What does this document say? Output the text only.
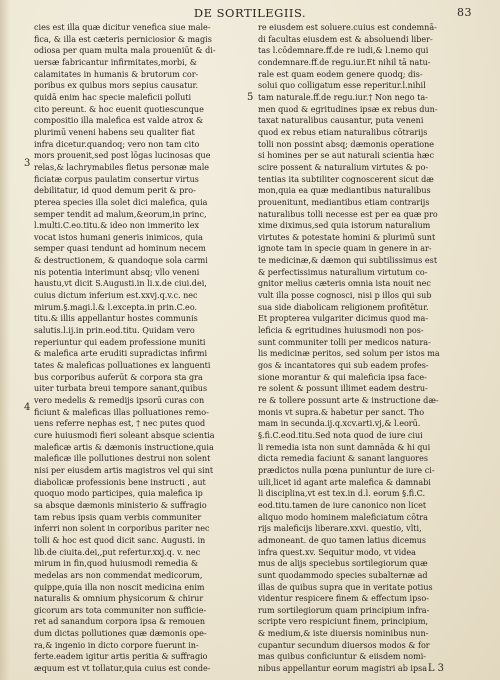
DE SORTILEGIIS.	83
cies est illa quæ dicitur venefica siue male-
fica, & illa est cæteris perniciosior & magis
odiosa per quam multa mala proueniūt & di-
uersæ fabricantur infirmitates,morbi, &
calamitates in humanis & brutorum cor-
poribus ex quibus mors sepius causatur.
quidā enim hac specie maleficii polluti
cito pereunt. & hoc euenit quotiescunque
compositio illa malefica est valde atrox &
plurimū veneni habens seu qualiter fiat
infra dicetur.quandoq; vero non tam cito
mors prouenit,sed post lōgas lucinosas que
relas,& lachrymabiles fletus personæ male
ficiatæ corpus paulatim consertur virtus
debilitatur, id quod demum perit & pro-
pterea species illa solet dici malefica, quia
semper tendit ad malum,&eorum,in princ,
l.multi.C.eo.titu.& ideo non immerito lex
vocat istos humani generis inimicos, quia
semper quasi tendunt ad hominum necem
& destructionem, & quandoque sola carmi
nis potentia interimunt absq; vllo veneni
haustu,vt dicit S.Augusti.in li.x.de ciui.dei,
cuius dictum inferium est.xxvj.q.v.c. nec
mirum.§.magi.l.& l.excepta.in prin.C.eo.
titu.& illis appellantur hostes communis
salutis.l.ij.in prin.eod.titu. Quidam vero
reperiuntur qui eadem professione muniti
& malefica arte eruditi supradictas infirmi
tates & maleficas polluationes ex languenti
bus corporibus auferūt & corpora sta gra
uiter turbata breui tempore sanant,quibus
vero medelis & remedijs ipsorū curas con
ficiunt & maleficas illas polluationes remo-
uens referre nephas est, † nec putes quod
cure huiusmodi fieri soleant absque scientia
maleficæ artis & dæmonis instructione,quia
maleficæ ille pollutiones destrui non solent
nisi per eiusdem artis magistros vel qui sint
diabolicæ professionis bene instructi , aut
quoquo modo participes, quia malefica ip
sa absque dæmonis ministerio & suffragio
tam rebus ipsis quam verbis communiter
inferri non solent in corporibus pariter nec
tolli & hoc est quod dicit sanc. Augusti. in
lib.de ciuita.dei,,put refertur.xxj.q. v. nec
mirum in fin,quod huiusmodi remedia &
medelas ars non commendat medicorum,
quippe,quia illa non noscit medicina enim
naturalis & omnium physicorum & chirur
gicorum ars tota communiter non sufficie-
ret ad sanandum corpora ipsa & remouen
dum dictas pollutiones quæ dæmonis ope-
ra,& ingenio in dicto corpore fuerunt in-
ferte.eadem igitur artis peritia & suffragio
æquum est vt tollatur,quia cuius est conde-
re eiusdem est soluere.cuius est condemnā-
di facultas eiusdem est & absoluendi liber-
tas l.cōdemnare.ff.de re iudi,& l.nemo qui
condemnare.ff.de regu.iur.Et nihil tā natu-
rale est quam eodem genere quodq; dis-
solui quo colligatum esse reperitur.l.nihil
tam naturale.ff.de regu.iur.† Non nego ta-
men quod & egritudines ipsæ ex rebus dun-
taxat naturalibus causantur, puta veneni
quod ex rebus etiam naturalibus cōtrarijs
tolli non possint absq; dæmonis operatione
si homines per se aut naturali scientia hæc
scire possent & naturalium virtutes & po-
tentias ita subtiliter cognoscerent sicut dæ
mon,quia ea quæ mediantibus naturalibus
prouenitunt, mediantibus etiam contrarijs
naturalibus tolli necesse est per ea quæ pro
xime diximus,sed quia istorum naturalium
virtutes & potestate homini & plurimū sunt
ignote tam in specie quam in genere in ar-
te medicinæ,& dæmon qui subtilissimus est
& perfectissimus naturalium virtutum co-
gnitor melius cæteris omnia ista nouit nec
vult illa posse cognosci, nisi p illos qui sub
sua side diabolicam religionem profitētur.
Et propterea vulgariter dicimus quod ma-
leficia & egritudines huiusmodi non pos-
sunt communiter tolli per medicos natura-
lis medicinæ peritos, sed solum per istos ma
gos & incantatores qui sub eadem profes-
sione morantur & qui maleficia ipsa face-
re solent & possunt illimet eadem destru-
re & tollere possunt arte & instructione dæ-
monis vt supra.& habetur per sanct. Tho
mam in secunda.ij.q.xcv.arti.vj,& l.eorū.
§.fi.C.eod.titu.Sed nota quod de iure ciui
li remedia ista non sunt damnāda & hi qui
dicta remedia faciunt & sanant languores
prædictos nulla pœna puniuntur de iure ci-
uili,licet id agant arte malefica & damnabi
li disciplina,vt est tex.in d.l. eorum §.fi.C.
eod.titu.tamen de iure canonico non licet
aliquo modo hominem maleficiatum cōtra
rijs maleficijs liberare.xxvi. questio, vlti,
admoneant. de quo tamen latius dicemus
infra quest.xv. Sequitur modo, vt videa
mus de alijs speciebus sortilegiorum quæ
sunt quodammodo species subalternæ ad
illas de quibus supra que in veritate potius
videntur respicere finem & effectum ipso-
rum sortilegiorum quam principium infra-
scripte vero respiciunt finem, principium,
& medium,& iste diuersis nominibus nun-
cupantur secundum diuersos modos & for
mas quibus conficiuntur & eiisdem nomi-
nibus appellantur eorum magistri ab ipsa
3
4
5
L 3
